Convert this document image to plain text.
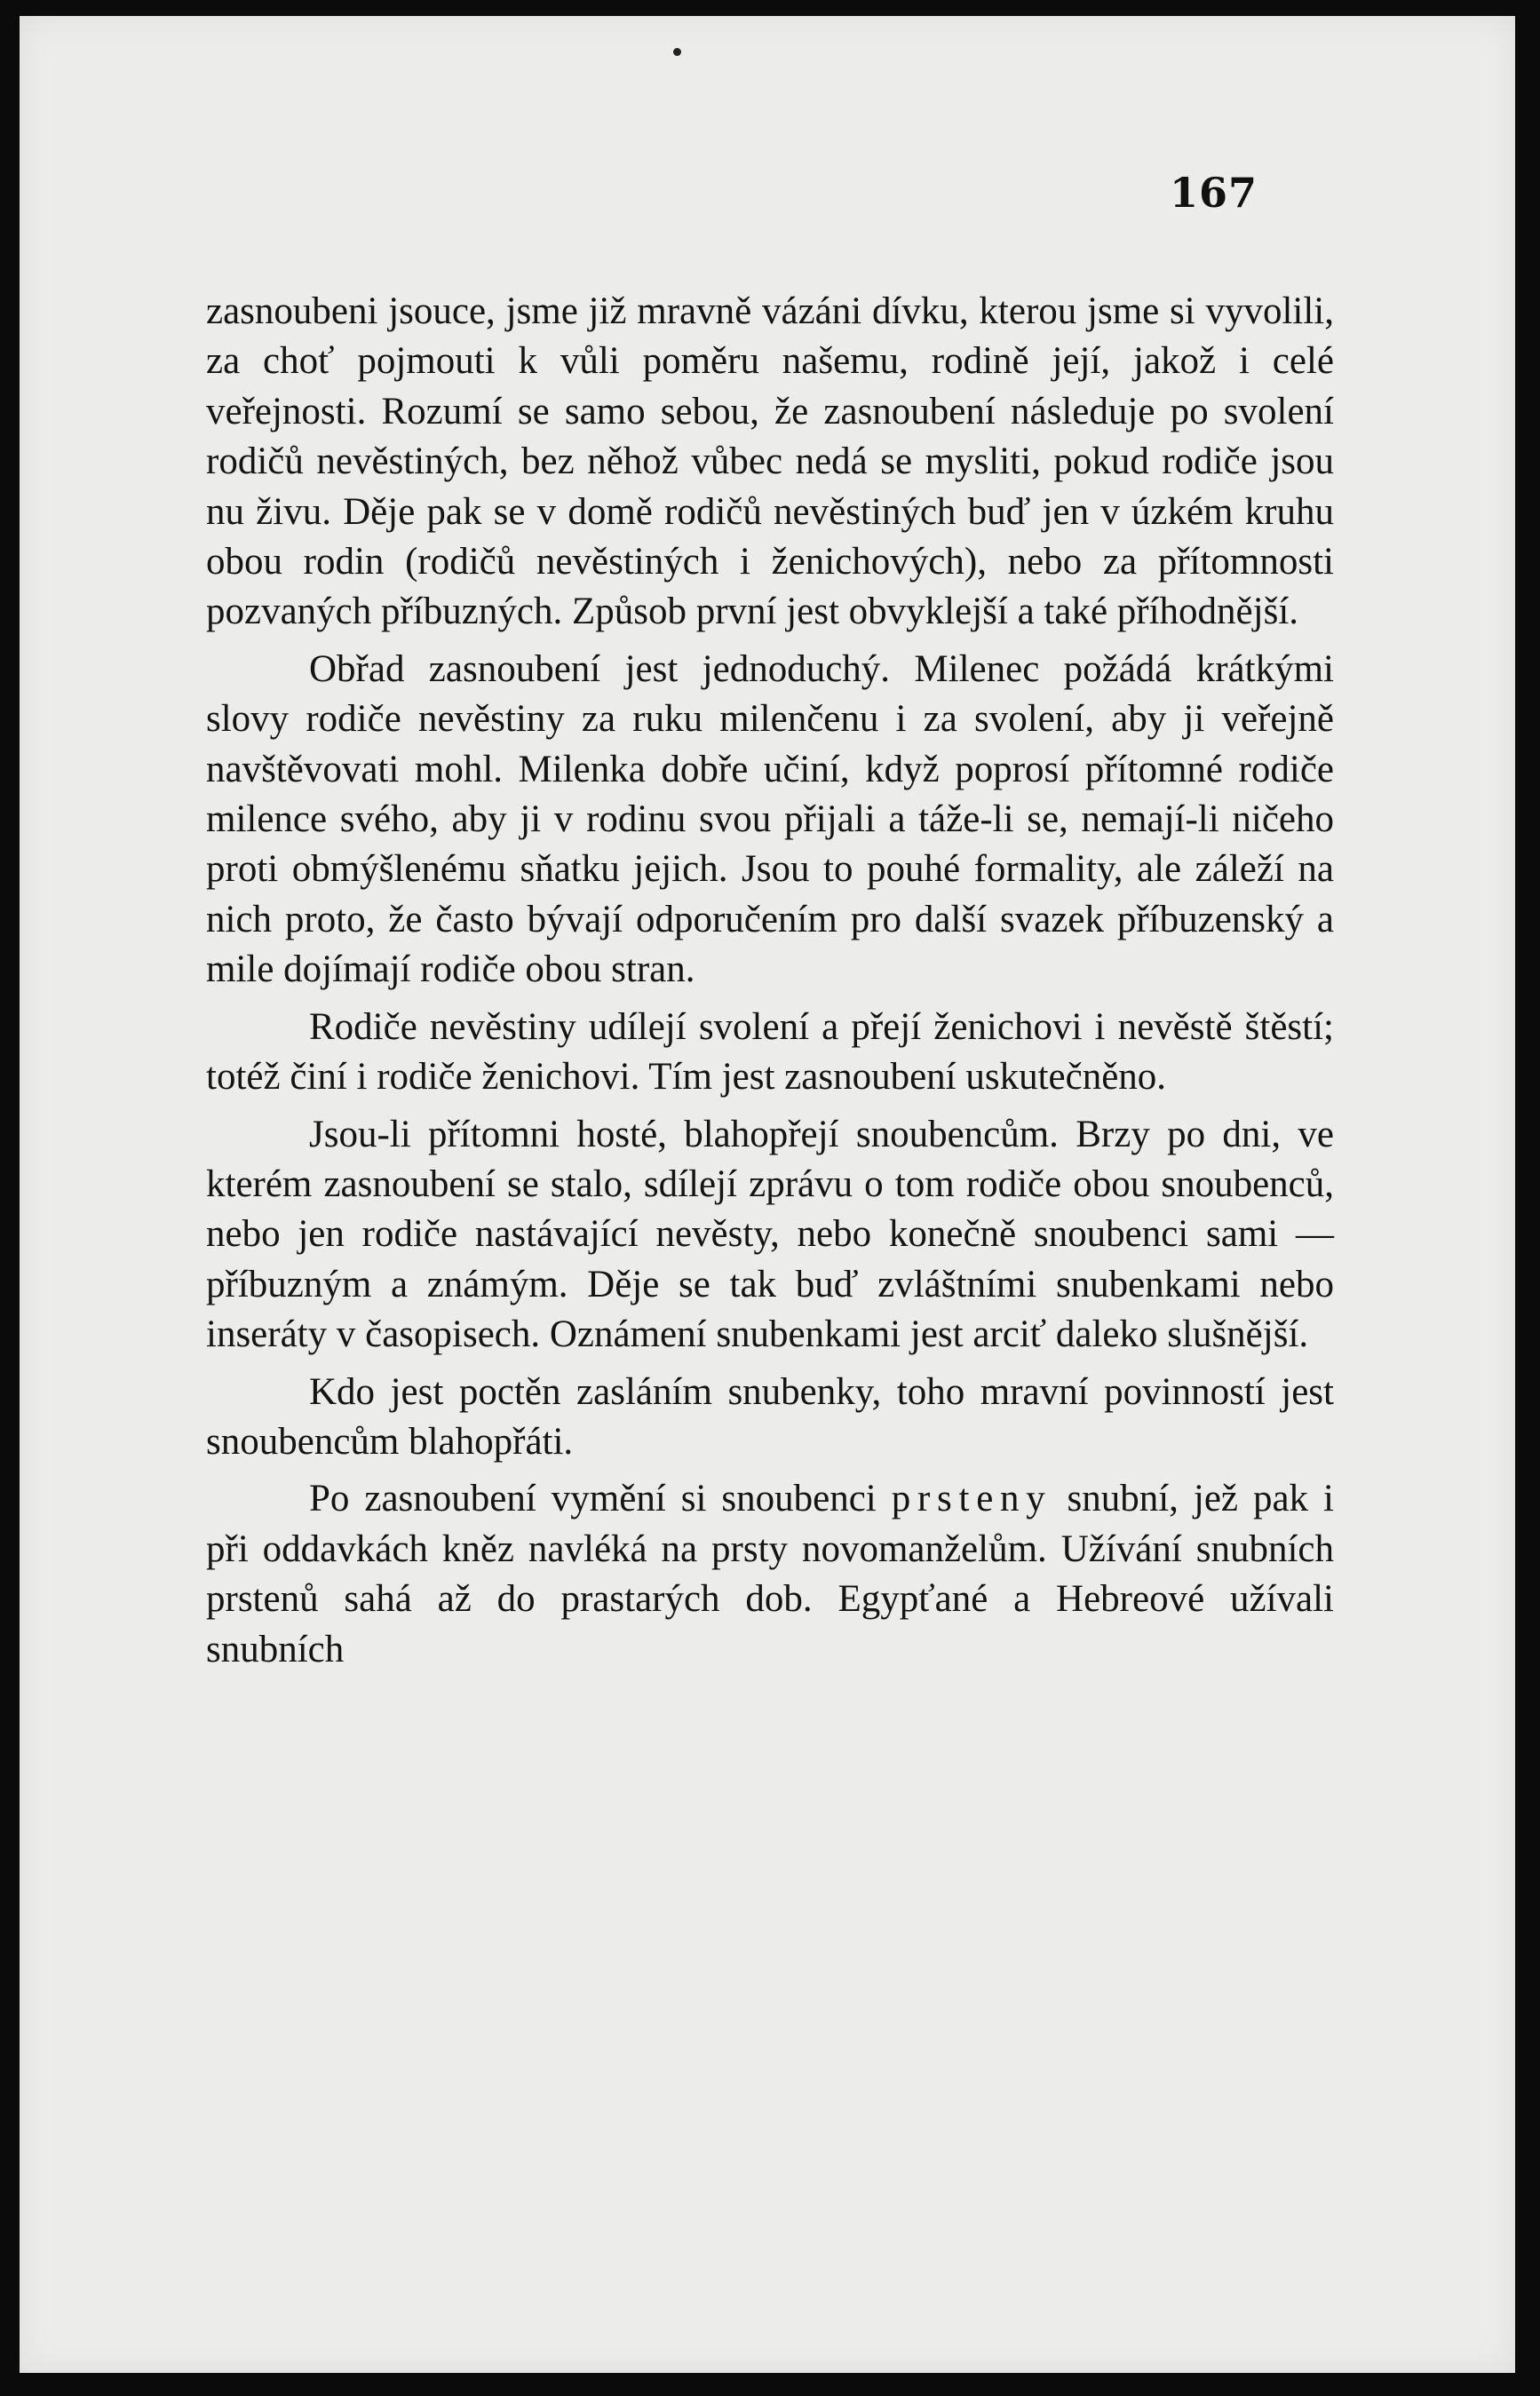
167

zasnoubeni jsouce, jsme již mravně vázáni dívku, kterou jsme si vyvolili, za choť pojmouti k vůli poměru našemu, rodině její, jakož i celé veřejnosti. Rozumí se samo sebou, že zasnoubení následuje po svolení rodičů nevěstiných, bez něhož vůbec nedá se mysliti, pokud rodiče jsou nu živu. Děje pak se v domě rodičů nevěstiných buď jen v úzkém kruhu obou rodin (rodičů nevěstiných i ženichových), nebo za přítomnosti pozvaných příbuzných. Způsob první jest obvyklejší a také příhodnější.

Obřad zasnoubení jest jednoduchý. Milenec požádá krátkými slovy rodiče nevěstiny za ruku milenčenu i za svolení, aby ji veřejně navštěvovati mohl. Milenka dobře učiní, když poprosí přítomné rodiče milence svého, aby ji v rodinu svou přijali a táže-li se, nemají-li ničeho proti obmýšlenému sňatku jejich. Jsou to pouhé formality, ale záleží na nich proto, že často bývají odporučením pro další svazek příbuzenský a mile dojímají rodiče obou stran.

Rodiče nevěstiny udílejí svolení a přejí ženichovi i nevěstě štěstí; totéž činí i rodiče ženichovi. Tím jest zasnoubení uskutečněno.

Jsou-li přítomni hosté, blahopřejí snoubencům. Brzy po dni, ve kterém zasnoubení se stalo, sdílejí zprávu o tom rodiče obou snoubenců, nebo jen rodiče nastávající nevěsty, nebo konečně snoubenci sami — příbuzným a známým. Děje se tak buď zvláštními snubenkami nebo inseráty v časopisech. Oznámení snubenkami jest arciť daleko slušnější.

Kdo jest poctěn zasláním snubenky, toho mravní povinností jest snoubencům blahopřáti.

Po zasnoubení vymění si snoubenci prsteny snubní, jež pak i při oddavkách kněz navléká na prsty novomanželům. Užívání snubních prstenů sahá až do prastarých dob. Egypťané a Hebreové užívali snubních
